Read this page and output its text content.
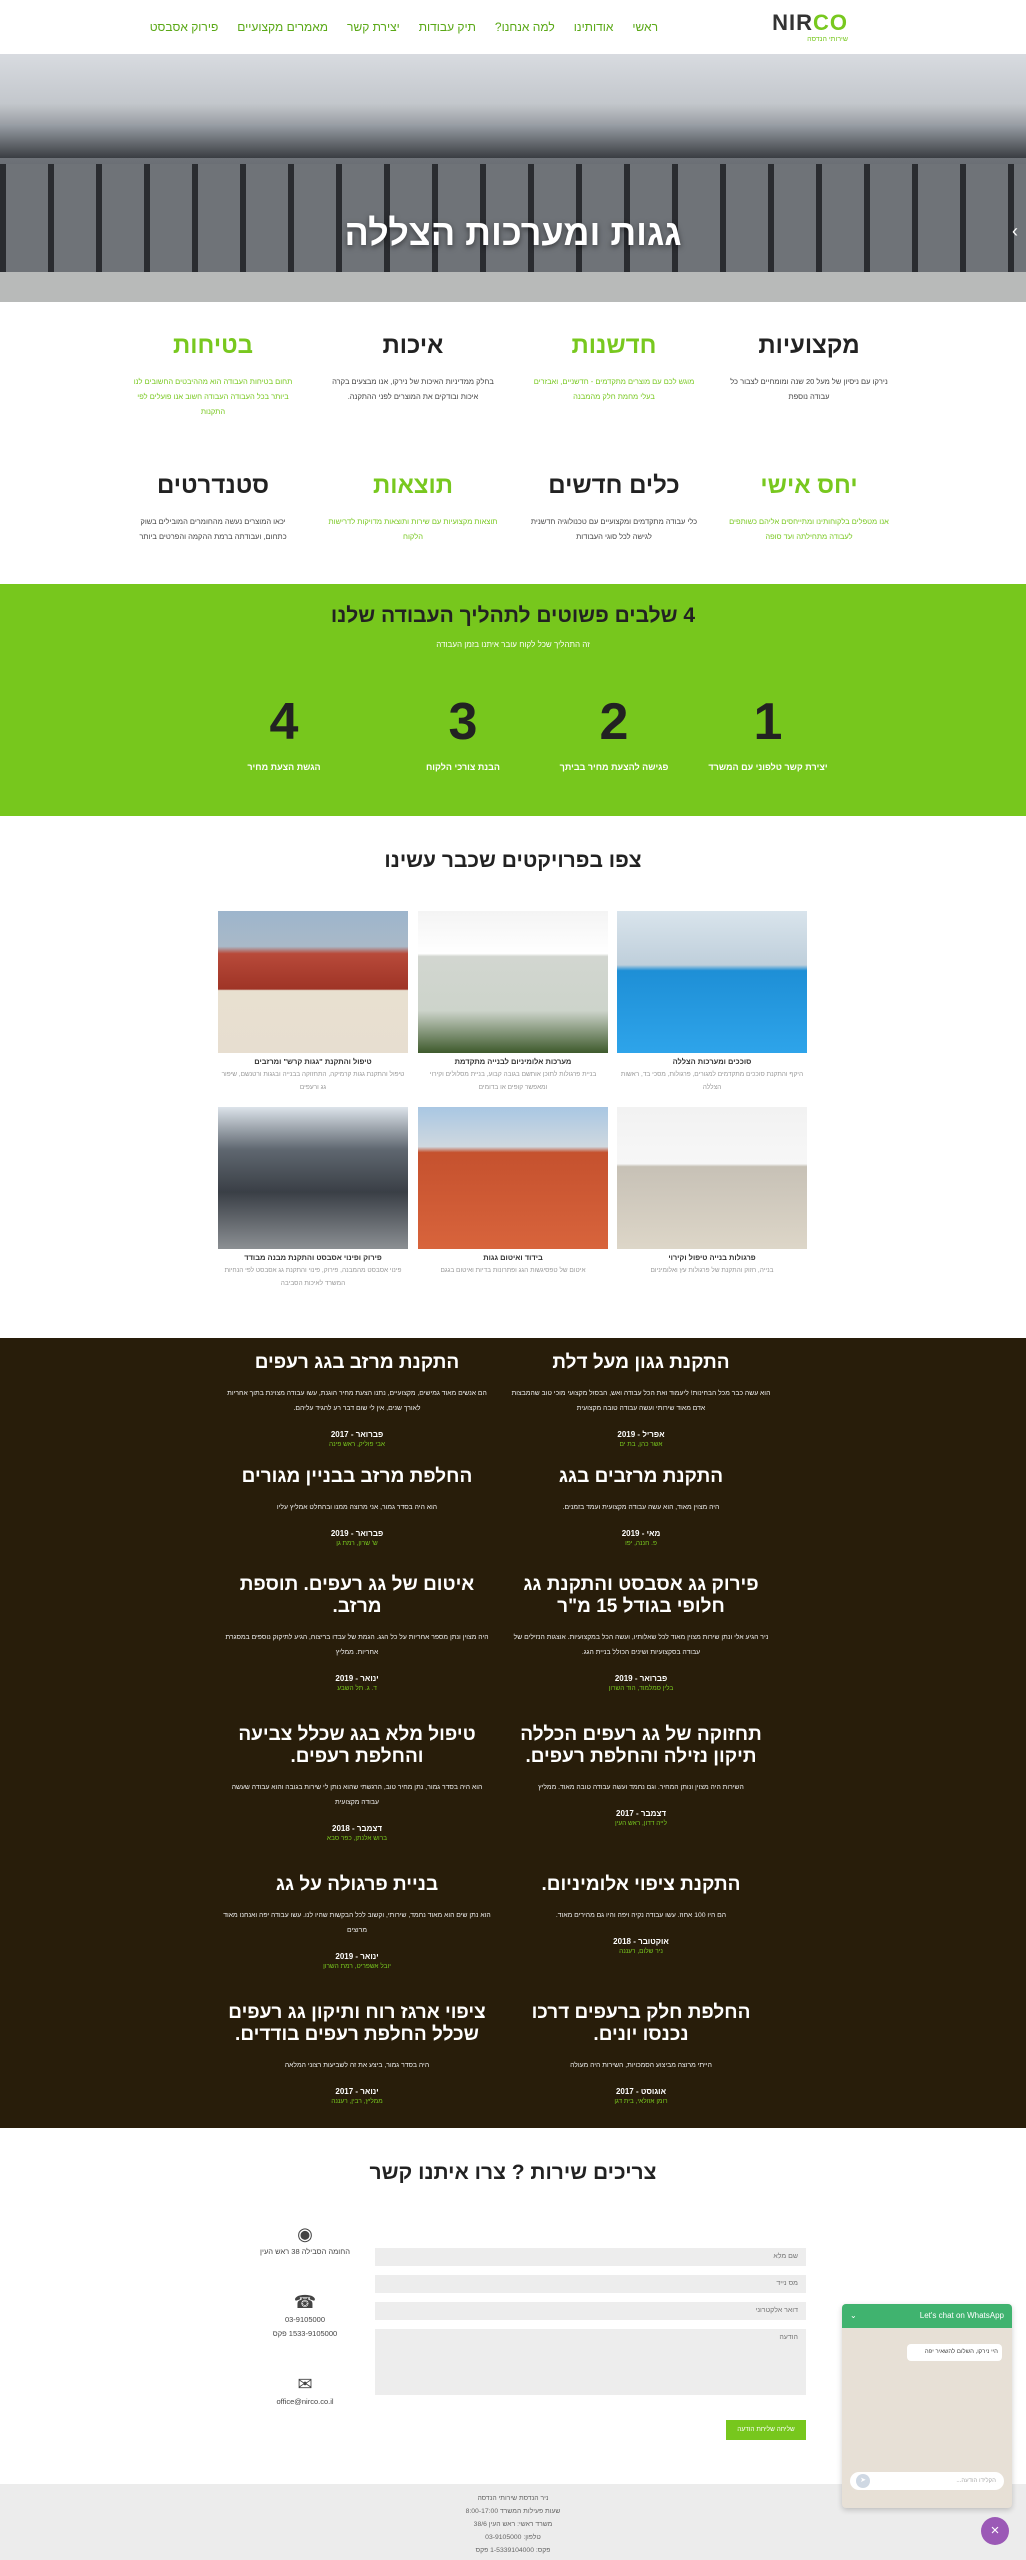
NIRCO
שירותי הנדסה
ראשי
אודותינו
למה אנחנו?
תיק עבודות
יצירת קשר
מאמרים מקצועיים
פירוק אסבסט
גגות ומערכות הצללה	›
מקצועיות

נירקו עם ניסיון של מעל 20 שנה ומומחיים לצבור כל עבודה נוספת

חדשנות

מוגש לכם עם מוצרים מתקדמים - חדשניים, ואבזרים בעלי מחמת חלק מהמבנה

איכות

בחלק ממדיניות האיכות של נירקו, אנו מבצעים בקרה איכות ובודקים את המוצרים לפני ההתקנה.

בטיחות

תחום בטיחות העבודה הוא מההיבטים החשובים לנו ביותר בכל העבודה העבודה חשוב אנו פועלים לפי התקנות

יחס אישי

אנו מטפלים בלקוחותינו ומתייחסים אליהם כשותפים לעבודה מתחילתה ועד סופה

כלים חדשים

כלי עבודה מתקדמים ומקצועיים עם טכנולוגיה חדשנית לגישה לכל סוגי העבודות

תוצאות

תוצאות מקצועיות עם שירות ותוצאות מדויקות לדרישות הלקוח

סטנדרטים

יכאו המוצרים נעשה מהחומרים המובילים בשוק כתחום, ועבודתה ברמת ההקמה והפרטים ביותר

4 שלבים פשוטים לתהליך העבודה שלנו

זה התהליך שכל לקוח עובר איתנו בזמן העבודה

4
הגשת הצעת מחיר
3
הבנת צורכי הלקוח
2
פגישה להצעת מחיר בביתך
1
יצירת קשר טלפוני עם המשרד
צפו בפרויקטים שכבר עשינו
סוככים ומערכות הצללה
היקף והתקנת סוככים מתקדמים למגורים, פרגולות, מסכי בד, ראשות הצללה
מערכות אלומיניום לבנייה מתקדמת
בניית פרגולות לתוכן אותשם בגובה קבוע, בניית מסלולים וקירוי ומאפשר קופים או בדומים
טיפול והתקנת "גגות קרש" ומרזבים
טיפול והתקנת גגות קרמיקה, התחזוקה בבנייה ובגגות ורטנשם, שיפור גג ורעפים
פרגולות בנייה טיפול וקירוי
בנייה, חזוק והתקנת של פרגולות עץ ואלומיניום
בידוד ואיטום גגות
איטום של טפסיגשות הגג ופתרונות בדיות ואיטום בגגם
פירוק ופינוי אסבסט והתקנת מבנה מבודד
פינוי אסבסט מהמבנה, פירוק, פינוי והתקנת גג אסבסט לפי הנחיות המשרד לאיכות הסביבה
התקנת גגון מעל דלת

הוא עשה כבר מכל הבחינות! ליעמוד ואת הכל עבודה ואש, הבסול מקצועי מוכי טוב שהמבצות אדם מאוד שירותי ועשה עבודה טובה מקצועית

אפריל - 2019
אשר כהן, בת ים
התקנת מרזב בגג רעפים

הם אנשים מאוד גמישים, מקצועיים, נתנו הצעת מחיר הוגנת, עשו עבודה מצוינת בתוך אחריות לאורך שנים, אין לי שום דבר רע להגיד עליהם.

פברואר - 2017
אבי פוליק, ראש פינה
התקנת מרזבים בגג

היה מצוין מאוד, הוא עשה עבודה מקצועית ועמד בזמנים.

מאי - 2019
פ. חננה, יפו
החלפת מרזב בבניין מגורים

הוא היה בסדר גמור, אני מרוצה ממנו ובהחלט אמליץ עליו

פברואר - 2019
ש' שרון, רמת גן
פירוק גג אסבסט והתקנת גג חלופי בגודל 15 מ"ר

ניר הגיע אלי ונתן שירות מצוין מאוד לכל שאלותיו, ועשה הכל במקצועיות. אוצגות הנזילים של עבודה בסקצועיות ושינים הכולל בניית הגג.

פברואר - 2019
בלין סמלמוד, הוד השרון
איטום של גג רעפים. תוספת מרזב.

היה מצוין ונתן מספר אחריות על כל הגג. הגמת של עבדו בריצוח, הגיע לתיקוק נוספים במסגרת אחריות. ממליץ

ינואר - 2019
ד. ג. תל השבע
תחזוקה של גג רעפים הכללה תיקון נזילה והחלפת רעפים.

השירות היה מצוין ונותן המחיר. וגם נחמד ועשה עבודה טובה מאוד. ממליץ

דצמבר - 2017
לייה דדון, ראש העין
טיפול מלא בגג שכלל צביעה והחלפת רעפים.

הוא היה בסדר גמור, נתן מחיר טוב, הרגשתי שהוא נותן לי שירות בגובה והוא עבודה שעשה עבודה מקצועית

דצמבר - 2018
ברוש אלנתן, כפר סבא
התקנת ציפוי אלומיניום.

הם היו 100 אחוז. עשו עבודה נקיה ויפה והיו גם מהירים מאוד.

אוקטובר - 2018
ניר שלום, רעננה
בניית פרגולה על גג

הוא נתן שים הוא מאוד נחמד, שירותי, וקשוב לכל הבקשות שהיו לנו. עשו עבודה יפה ואנחנו מאוד מרוצים

ינואר - 2019
יובל אשפריט, רמת השרון
החלפת חלק ברעפים דרכו נכנסו יונים.

הייתי מרוצה מביצוע הסמכויות, השירות היה מעולה

אוגוסט - 2017
רומן אזולאי, בית דגן
ציפוי ארגז רוח ותיקון גג רעפים שכלל החלפת רעפים בודדים.

היה בסדר גמור, ביצע את זה לשביעות רצוני המלאה

ינואר - 2017
ממליץ, רבין, רעננה
צריכים שירות ? צרו איתנו קשר
◉

החומה הסבילה 38 ראש העין

☎

03-9105000

1533-9105000 פקס

✉

office@nirco.co.il

שם מלא
מס נייד
דואר אלקטרוני
הודעה
שליחה שליחת הודעה

ניר הנדסת שירותי הנדסה

שעות פעילות המשרד 8:00-17:00

משרד ראשי: ראש העין 38/6

טלפון: 03-9105000

פקס: 1-5339104000 פקס

Let's chat on WhatsApp
⌄
היי נירקו, השלום להשאיר יפה
הקלידו הודעה...
➤
×
